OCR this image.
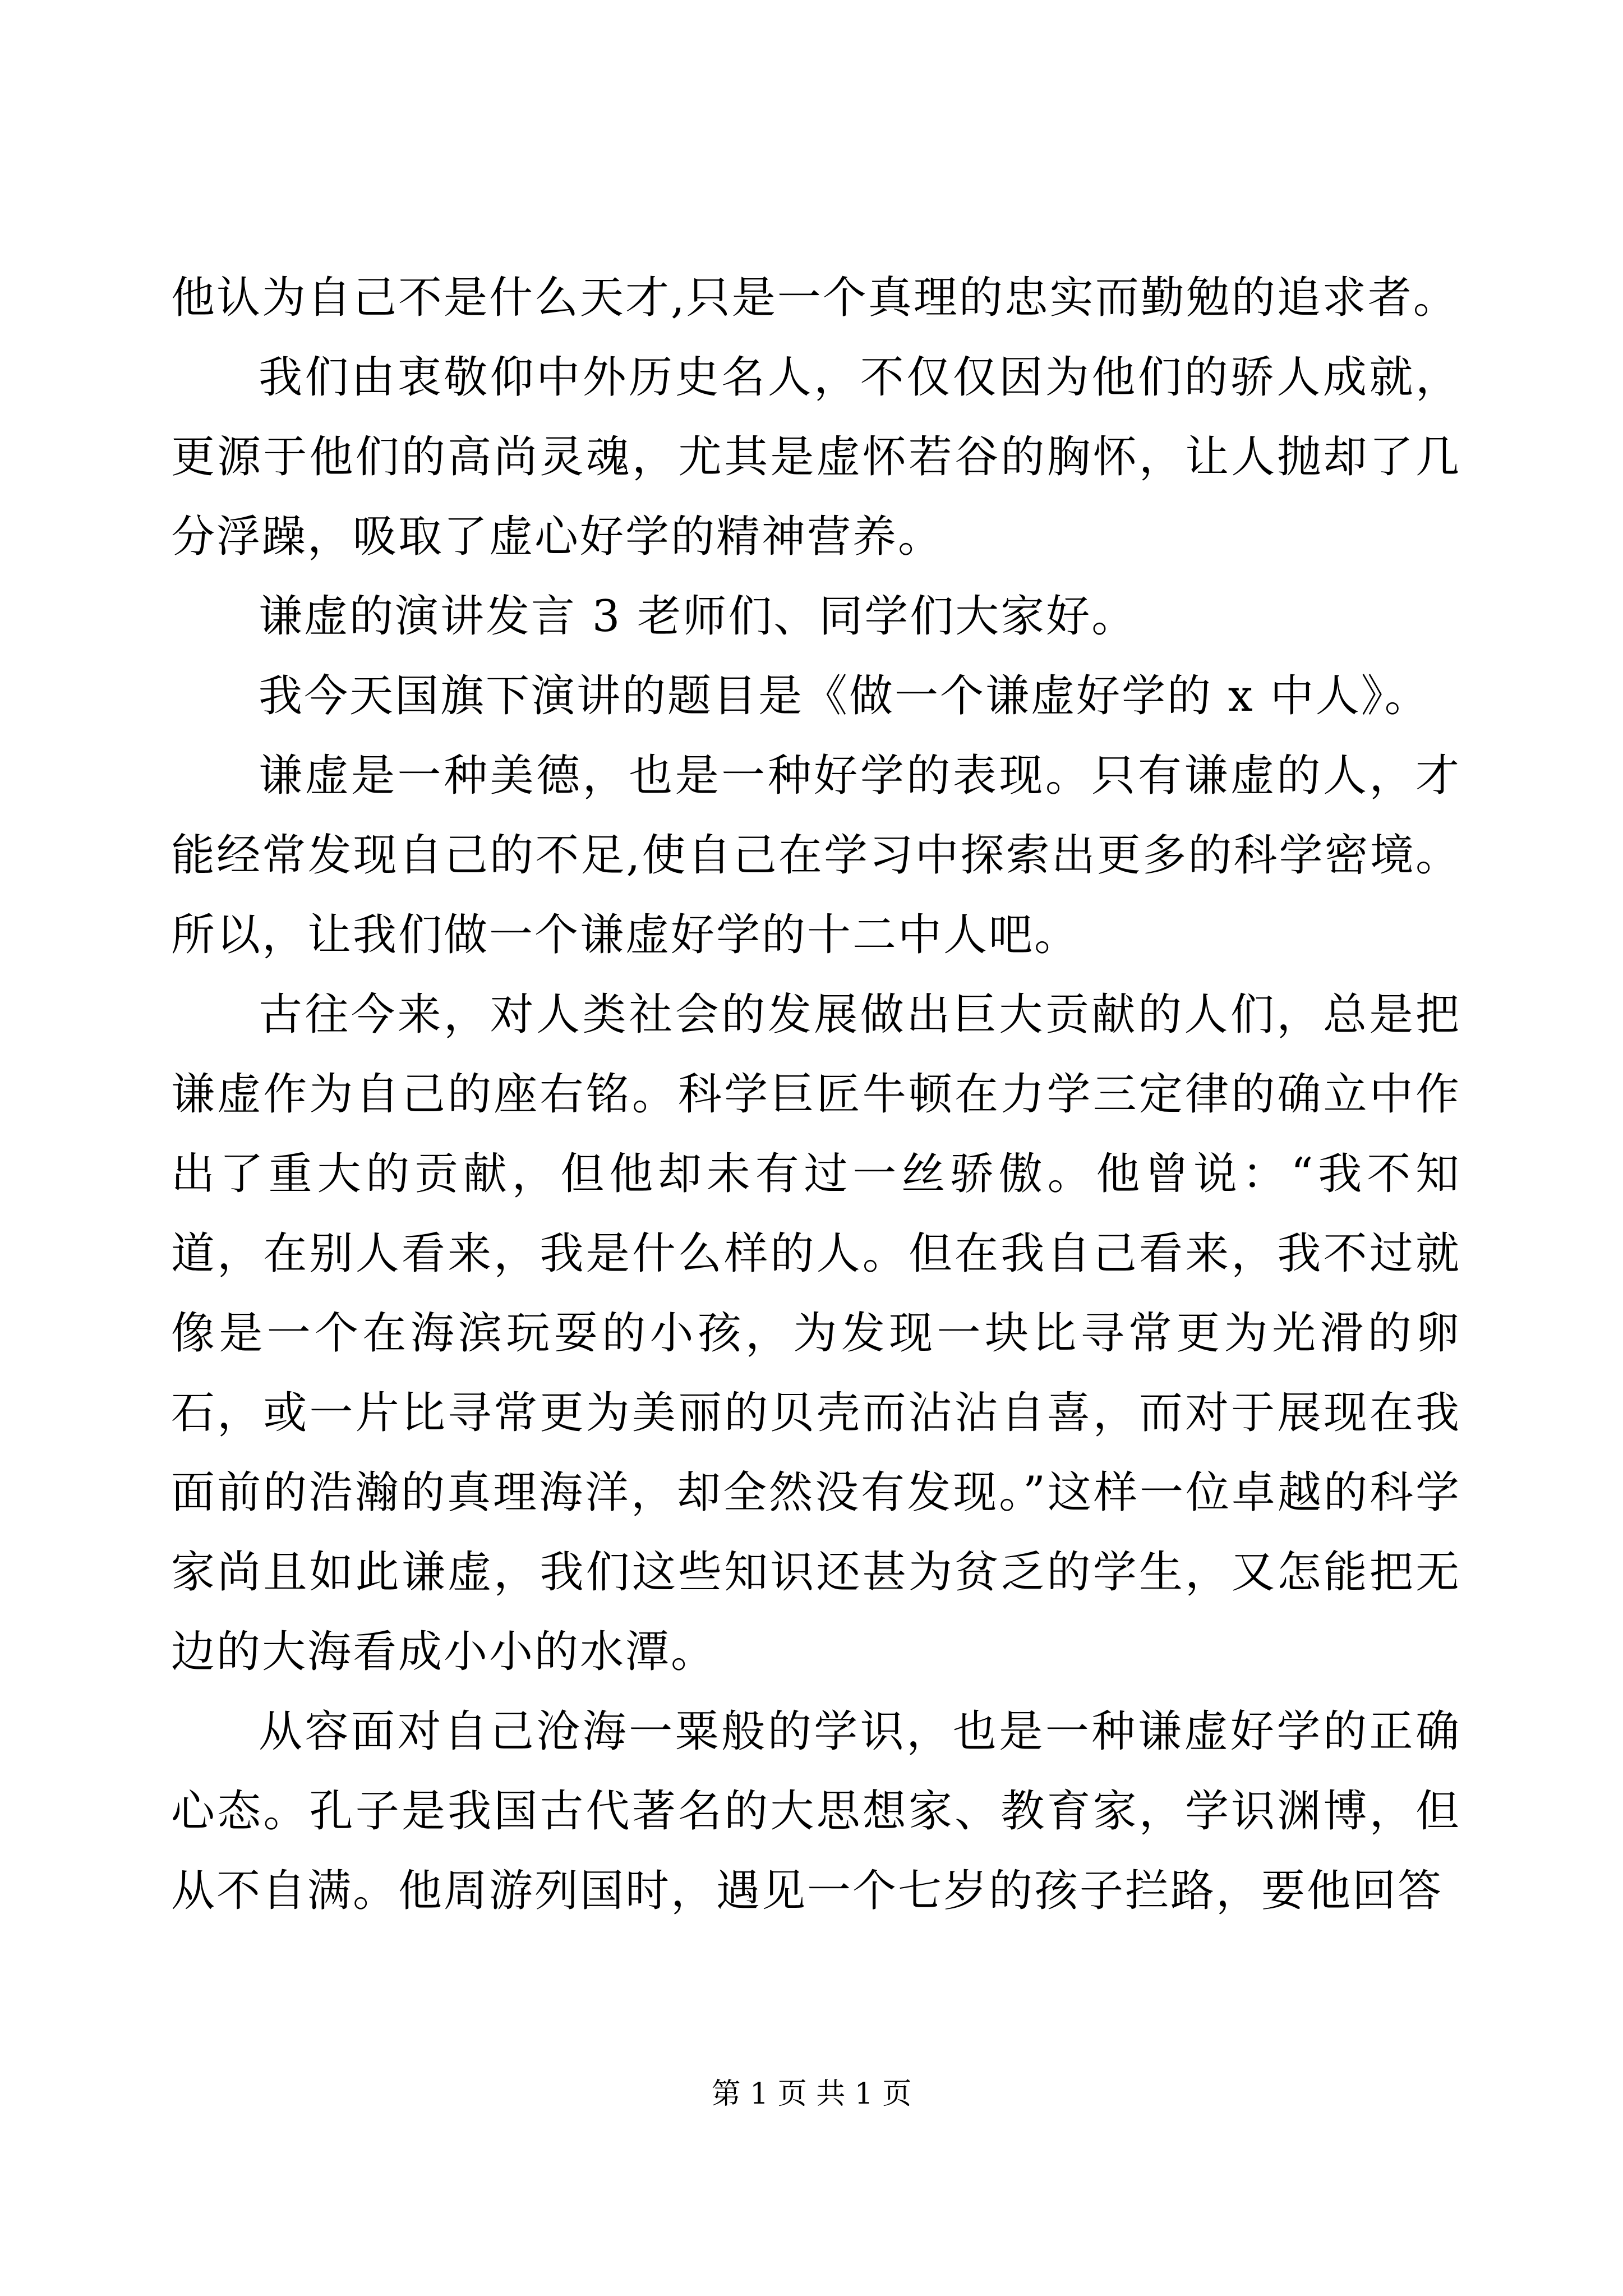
他认为自己不是什么天才,只是一个真理的忠实而勤勉的追求者。

我们由衷敬仰中外历史名人，不仅仅因为他们的骄人成就，更源于他们的高尚灵魂，尤其是虚怀若谷的胸怀，让人抛却了几分浮躁，吸取了虚心好学的精神营养。

谦虚的演讲发言 3 老师们、同学们大家好。

我今天国旗下演讲的题目是《做一个谦虚好学的 x 中人》。

谦虚是一种美德，也是一种好学的表现。只有谦虚的人，才能经常发现自己的不足,使自己在学习中探索出更多的科学密境。所以，让我们做一个谦虚好学的十二中人吧。

古往今来，对人类社会的发展做出巨大贡献的人们，总是把谦虚作为自己的座右铭。科学巨匠牛顿在力学三定律的确立中作出了重大的贡献，但他却未有过一丝骄傲。他曾说：“我不知道，在别人看来，我是什么样的人。但在我自己看来，我不过就像是一个在海滨玩耍的小孩，为发现一块比寻常更为光滑的卵石，或一片比寻常更为美丽的贝壳而沾沾自喜，而对于展现在我面前的浩瀚的真理海洋，却全然没有发现。”这样一位卓越的科学家尚且如此谦虚，我们这些知识还甚为贫乏的学生，又怎能把无边的大海看成小小的水潭。

从容面对自己沧海一粟般的学识，也是一种谦虚好学的正确心态。孔子是我国古代著名的大思想家、教育家，学识渊博，但从不自满。他周游列国时，遇见一个七岁的孩子拦路，要他回答

第 1 页 共 1 页
